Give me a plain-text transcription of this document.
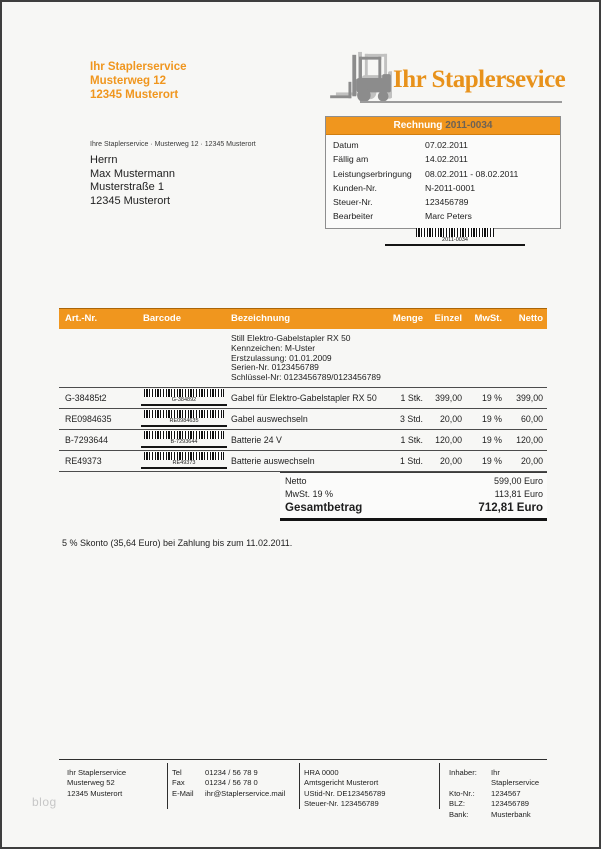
Ihr Staplerservice
Musterweg 12
12345 Musterort
Ihr Staplersevice
Ihre Staplerservice · Musterweg 12 · 12345 Musterort
Herrn
Max Mustermann
Musterstraße 1
12345 Musterort
Rechnung 2011-0034
Datum	07.02.2011
Fällig am	14.02.2011
Leistungserbringung	08.02.2011 - 08.02.2011
Kunden-Nr.	N-2011-0001
Steuer-Nr.	123456789
Bearbeiter	Marc Peters
2011-0034
Art.-Nr.	Barcode	Bezeichnung	Menge	Einzel	MwSt.	Netto
Still Elektro-Gabelstapler RX 50
Kennzeichen: M-Uster
Erstzulassung: 01.01.2009
Serien-Nr. 0123456789
Schlüssel-Nr: 0123456789/0123456789
G-38485t2	G-384892	Gabel für Elektro-Gabelstapler RX 50	1 Stk.	399,00	19 %	399,00
RE0984635	RE0984635	Gabel auswechseln	3 Std.	20,00	19 %	60,00
B-7293644	B-7293644	Batterie 24 V	1 Stk.	120,00	19 %	120,00
RE49373	RE49373	Batterie auswechseln	1 Std.	20,00	19 %	20,00
Netto	599,00 Euro
MwSt. 19 %	113,81 Euro
Gesamtbetrag	712,81 Euro
5 % Skonto (35,64 Euro) bei Zahlung bis zum 11.02.2011.
Ihr Staplerservice
Musterweg 52
12345 Musterort
Tel	01234 / 56 78 9
Fax	01234 / 56 78 0
E-Mail	ihr@Staplerservice.mail
HRA 0000
Amtsgericht Musterort
UStid-Nr. DE123456789
Steuer-Nr. 123456789
Inhaber:	Ihr Staplerservice
Kto-Nr.:	1234567
BLZ:	123456789
Bank:	Musterbank
blog
